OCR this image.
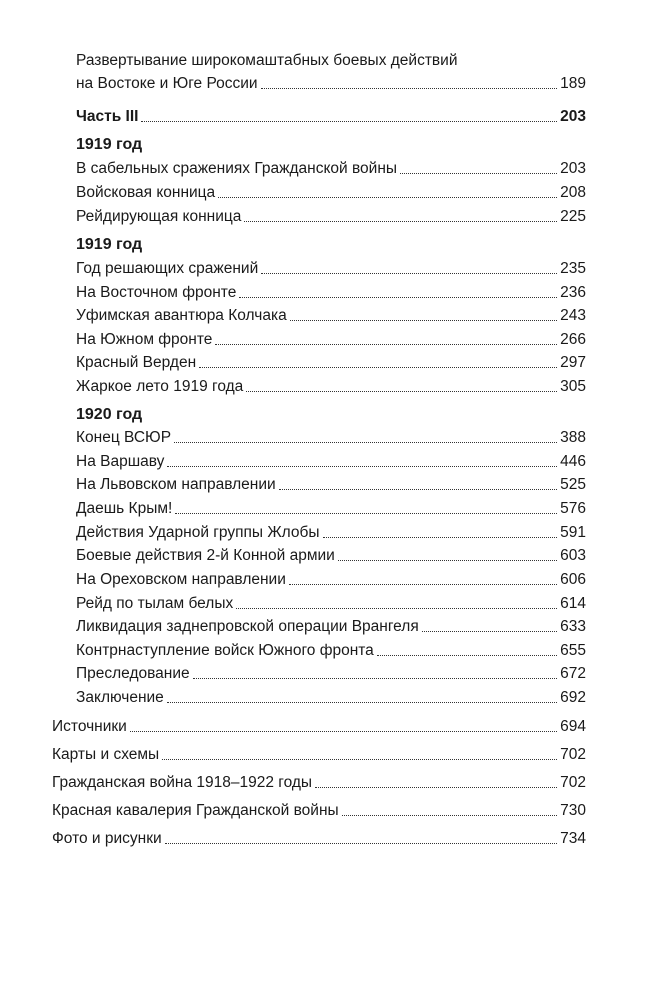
Развертывание широкомаштабных боевых действий
на Востоке и Юге России	189
Часть III	203
1919 год
В сабельных сражениях Гражданской войны	203
Войсковая конница	208
Рейдирующая конница	225
1919 год
Год решающих сражений	235
На Восточном фронте	236
Уфимская авантюра Колчака	243
На Южном фронте	266
Красный Верден	297
Жаркое лето 1919 года	305
1920 год
Конец ВСЮР	388
На Варшаву	446
На Львовском направлении	525
Даешь Крым!	576
Действия Ударной группы Жлобы	591
Боевые действия 2-й Конной армии	603
На Ореховском направлении	606
Рейд по тылам белых	614
Ликвидация заднепровской операции Врангеля	633
Контрнаступление войск Южного фронта	655
Преследование	672
Заключение	692
Источники	694
Карты и схемы	702
Гражданская война 1918–1922 годы	702
Красная кавалерия Гражданской войны	730
Фото и рисунки	734
